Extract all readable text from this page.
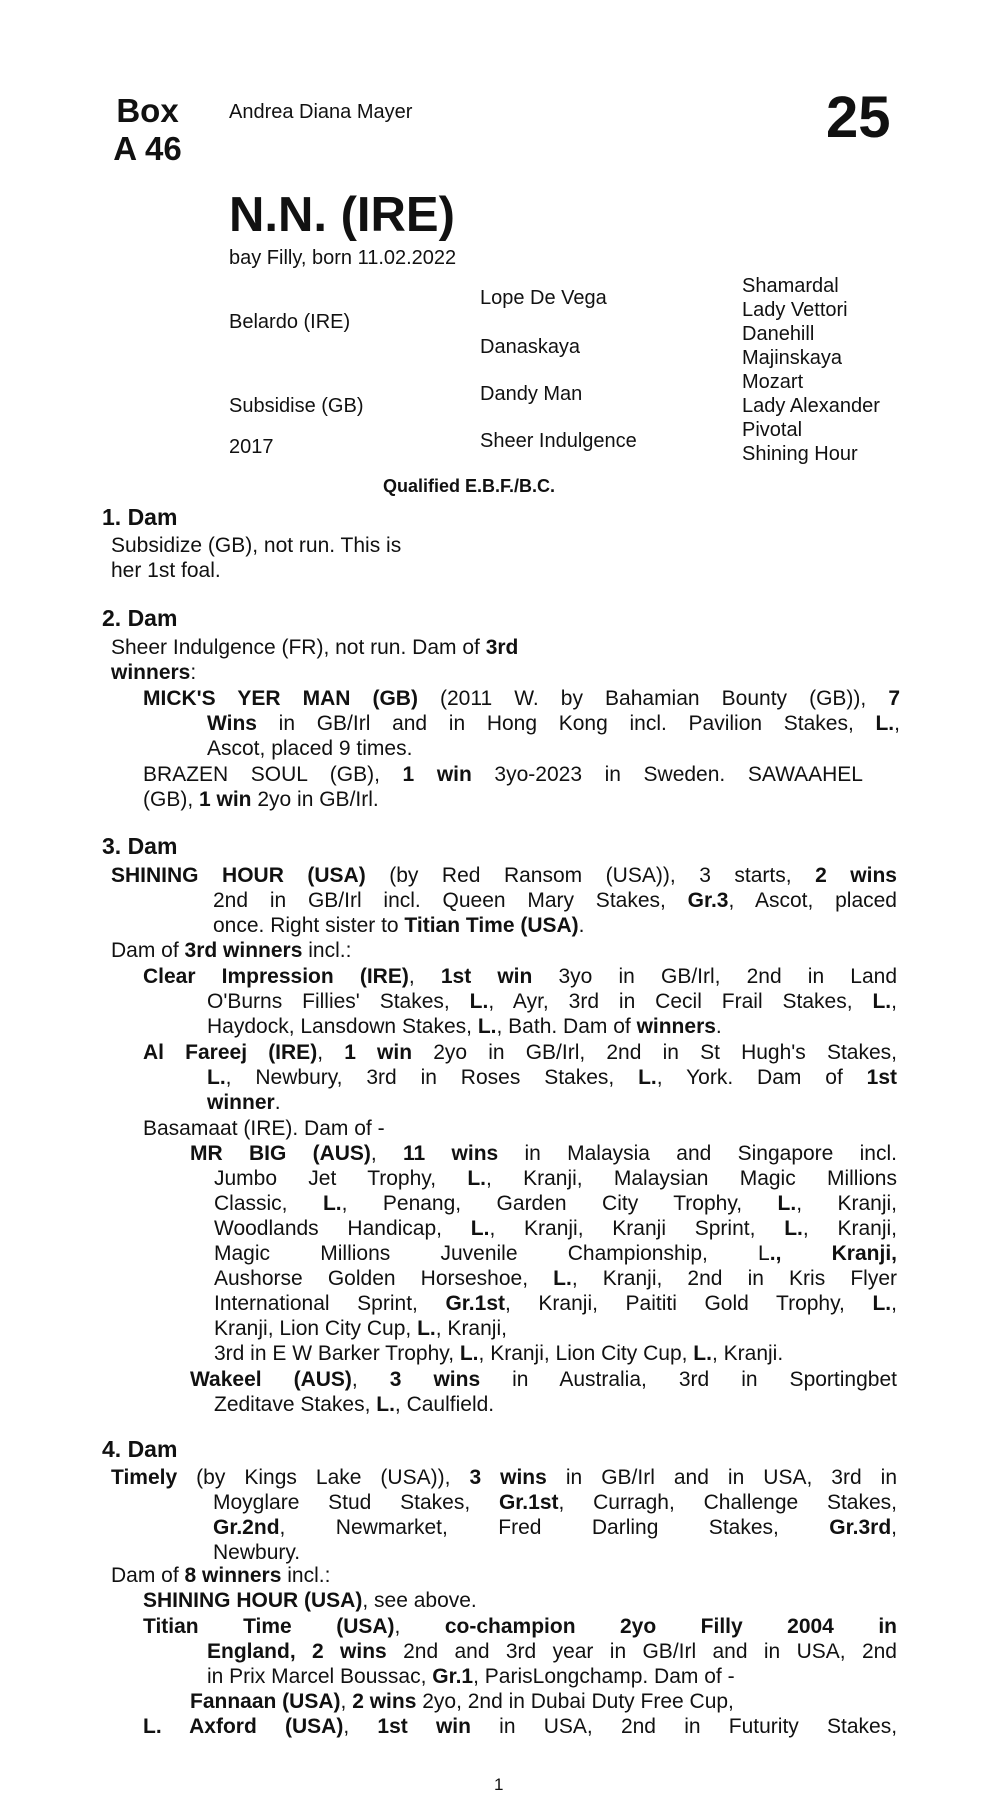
Box
A 46
Andrea Diana Mayer	25
N.N. (IRE)
bay Filly, born 11.02.2022
Belardo (IRE)
Subsidise (GB)
2017
Lope De Vega
Danaskaya
Dandy Man
Sheer Indulgence
Shamardal
Lady Vettori
Danehill
Majinskaya
Mozart
Lady Alexander
Pivotal
Shining Hour
Qualified E.B.F./B.C.
1. Dam
Subsidize (GB), not run. This is
her 1st foal.
2. Dam
Sheer Indulgence (FR), not run. Dam of 3rd
winners:
MICK'S YER MAN (GB) (2011 W. by Bahamian Bounty (GB)), 7
Wins in GB/Irl and in Hong Kong incl. Pavilion Stakes, L.,
Ascot, placed 9 times.
BRAZEN SOUL (GB), 1 win 3yo-2023 in Sweden. SAWAAHEL
(GB), 1 win 2yo in GB/Irl.
3. Dam
SHINING HOUR (USA) (by Red Ransom (USA)), 3 starts, 2 wins
2nd in GB/Irl incl. Queen Mary Stakes, Gr.3, Ascot, placed
once. Right sister to Titian Time (USA).
Dam of 3rd winners incl.:
Clear Impression (IRE), 1st win 3yo in GB/Irl, 2nd in Land
O'Burns Fillies' Stakes, L., Ayr, 3rd in Cecil Frail Stakes, L.,
Haydock, Lansdown Stakes, L., Bath. Dam of winners.
Al Fareej (IRE), 1 win 2yo in GB/Irl, 2nd in St Hugh's Stakes,
L., Newbury, 3rd in Roses Stakes, L., York. Dam of 1st
winner.
Basamaat (IRE). Dam of -
MR BIG (AUS), 11 wins in Malaysia and Singapore incl.
Jumbo Jet Trophy, L., Kranji, Malaysian Magic Millions
Classic, L., Penang, Garden City Trophy, L., Kranji,
Woodlands Handicap, L., Kranji, Kranji Sprint, L., Kranji,
Magic Millions Juvenile Championship, L., Kranji,
Aushorse Golden Horseshoe, L., Kranji, 2nd in Kris Flyer
International Sprint, Gr.1st, Kranji, Paititi Gold Trophy, L.,
Kranji, Lion City Cup, L., Kranji,
3rd in E W Barker Trophy, L., Kranji, Lion City Cup, L., Kranji.
Wakeel (AUS), 3 wins in Australia, 3rd in Sportingbet
Zeditave Stakes, L., Caulfield.
4. Dam
Timely (by Kings Lake (USA)), 3 wins in GB/Irl and in USA, 3rd in
Moyglare Stud Stakes, Gr.1st, Curragh, Challenge Stakes,
Gr.2nd, Newmarket, Fred Darling Stakes, Gr.3rd,
Newbury.
Dam of 8 winners incl.:
SHINING HOUR (USA), see above.
Titian Time (USA), co-champion 2yo Filly 2004 in
England, 2 wins 2nd and 3rd year in GB/Irl and in USA, 2nd
in Prix Marcel Boussac, Gr.1, ParisLongchamp. Dam of -
Fannaan (USA), 2 wins 2yo, 2nd in Dubai Duty Free Cup,
L. Axford (USA), 1st win in USA, 2nd in Futurity Stakes,
1
